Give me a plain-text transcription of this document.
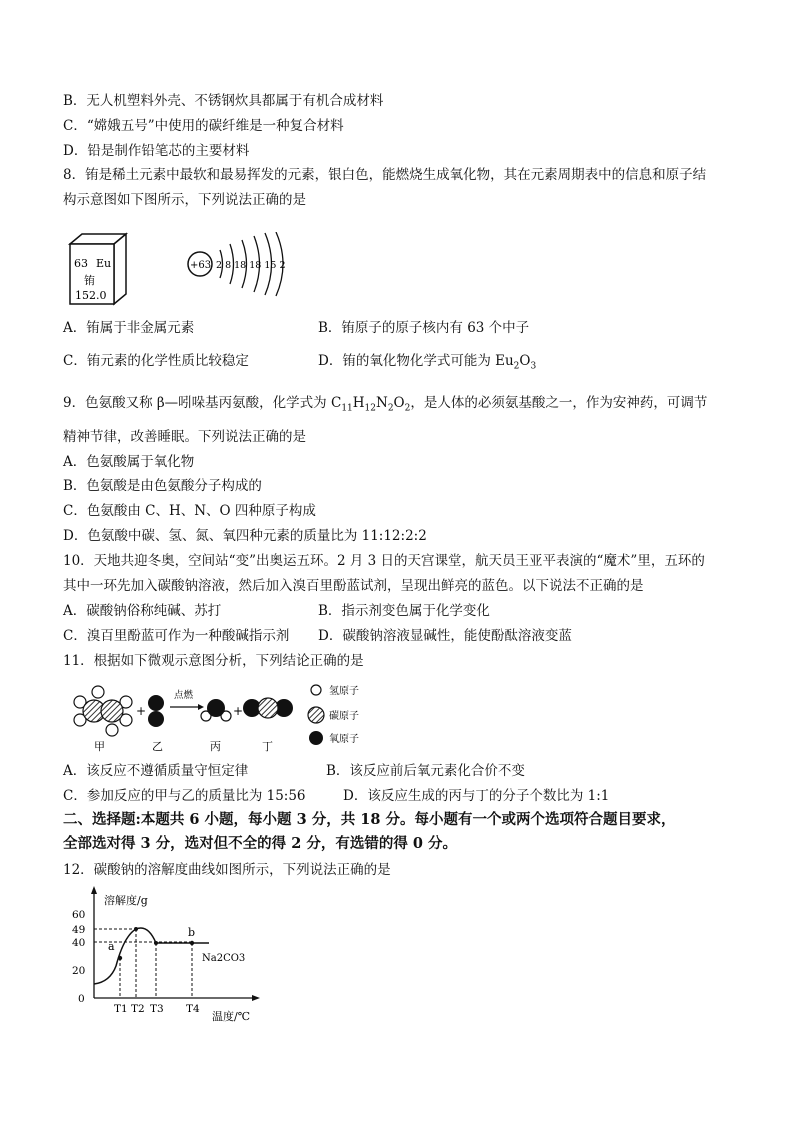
B．无人机塑料外壳、不锈钢炊具都属于有机合成材料
C．“嫦娥五号”中使用的碳纤维是一种复合材料
D．铅是制作铅笔芯的主要材料
8．铕是稀土元素中最软和最易挥发的元素，银白色，能燃烧生成氧化物，其在元素周期表中的信息和原子结
构示意图如下图所示，下列说法正确的是
63 Eu
铕
152.0
+63 2 8 18 18 15 2
A．铕属于非金属元素	B．铕原子的原子核内有 63 个中子
C．铕元素的化学性质比较稳定	D．铕的氧化物化学式可能为 $Eu_2O_3$
9．色氨酸又称 β—吲哚基丙氨酸，化学式为 $C_{11}H_{12}N_2O_2$，是人体的必须氨基酸之一，作为安神药，可调节
精神节律，改善睡眠。下列说法正确的是
A．色氨酸属于氧化物
B．色氨酸是由色氨酸分子构成的
C．色氨酸由 C、H、N、O 四种原子构成
D．色氨酸中碳、氢、氮、氧四种元素的质量比为 11:12:2:2
10．天地共迎冬奥，空间站“变”出奥运五环。2 月 3 日的天宫课堂，航天员王亚平表演的“魔术”里，五环的
其中一环先加入碳酸钠溶液，然后加入溴百里酚蓝试剂，呈现出鲜亮的蓝色。以下说法不正确的是
A．碳酸钠俗称纯碱、苏打	B．指示剂变色属于化学变化
C．溴百里酚蓝可作为一种酸碱指示剂 D．碳酸钠溶液显碱性，能使酚酞溶液变蓝
11．根据如下微观示意图分析，下列结论正确的是
+
点燃
+
甲	乙	丙	丁
氢原子
碳原子
氧原子
A．该反应不遵循质量守恒定律	B．该反应前后氧元素化合价不变
C．参加反应的甲与乙的质量比为 15:56	D．该反应生成的丙与丁的分子个数比为 1:1
二、选择题:本题共 6 小题，每小题 3 分，共 18 分。每小题有一个或两个选项符合题目要求，
全部选对得 3 分，选对但不全的得 2 分，有选错的得 0 分。
12．碳酸钠的溶解度曲线如图所示，下列说法正确的是
溶解度/g
温度/℃
0
20
40
49
60
a
b
Na2CO3
T1 T2 T3 T4
